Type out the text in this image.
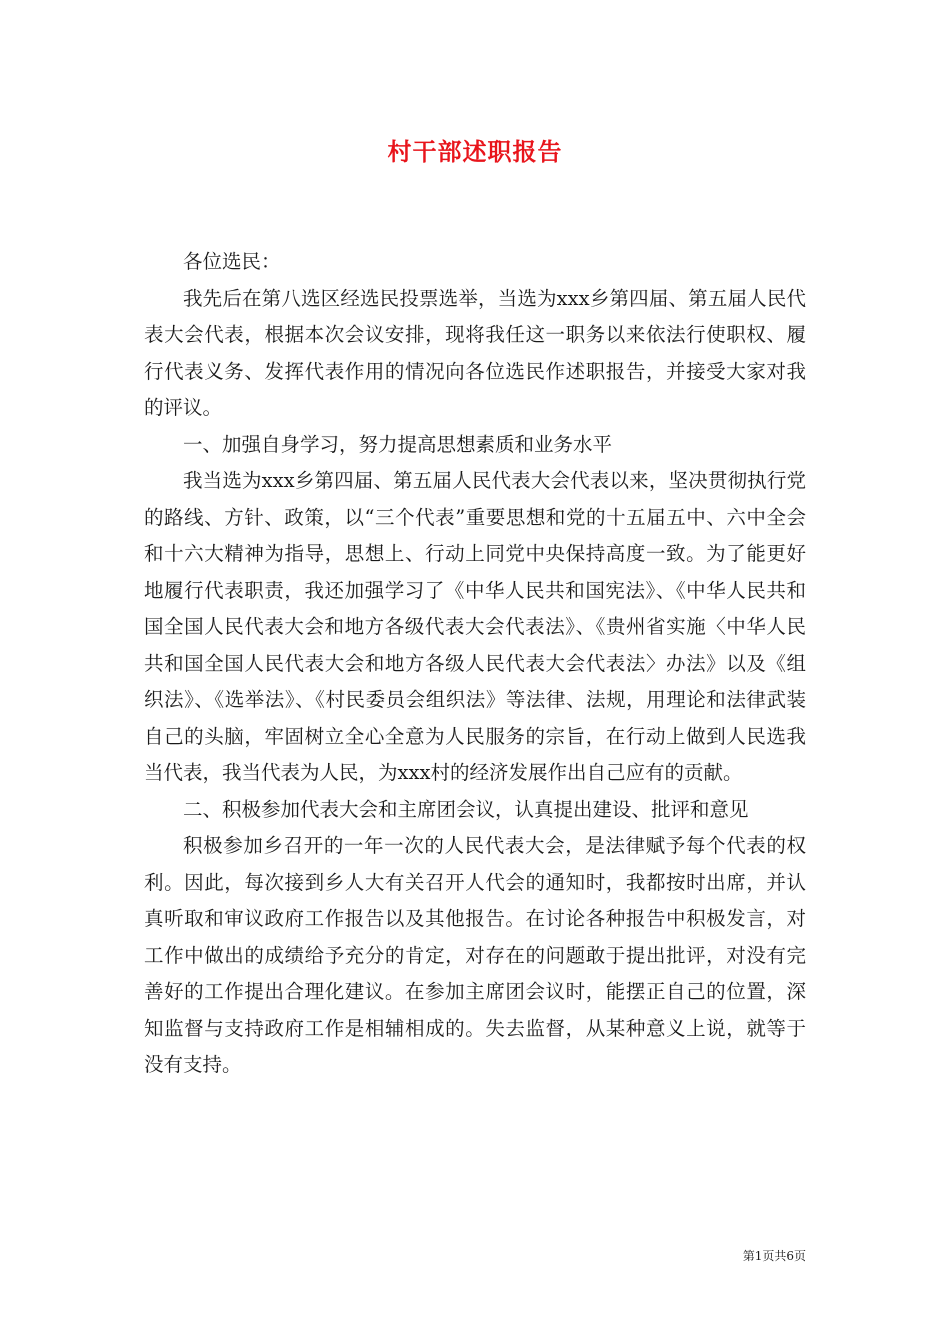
村干部述职报告

各位选民：

我先后在第八选区经选民投票选举，当选为xxx乡第四届、第五届人民代表大会代表，根据本次会议安排，现将我任这一职务以来依法行使职权、履行代表义务、发挥代表作用的情况向各位选民作述职报告，并接受大家对我的评议。

一、加强自身学习，努力提高思想素质和业务水平

我当选为xxx乡第四届、第五届人民代表大会代表以来，坚决贯彻执行党的路线、方针、政策，以“三个代表”重要思想和党的十五届五中、六中全会和十六大精神为指导，思想上、行动上同党中央保持高度一致。为了能更好地履行代表职责，我还加强学习了《中华人民共和国宪法》、《中华人民共和国全国人民代表大会和地方各级代表大会代表法》、《贵州省实施〈中华人民共和国全国人民代表大会和地方各级人民代表大会代表法〉办法》以及《组织法》、《选举法》、《村民委员会组织法》等法律、法规，用理论和法律武装自己的头脑，牢固树立全心全意为人民服务的宗旨，在行动上做到人民选我当代表，我当代表为人民，为xxx村的经济发展作出自己应有的贡献。

二、积极参加代表大会和主席团会议，认真提出建设、批评和意见

积极参加乡召开的一年一次的人民代表大会，是法律赋予每个代表的权利。因此，每次接到乡人大有关召开人代会的通知时，我都按时出席，并认真听取和审议政府工作报告以及其他报告。在讨论各种报告中积极发言，对工作中做出的成绩给予充分的肯定，对存在的问题敢于提出批评，对没有完善好的工作提出合理化建议。在参加主席团会议时，能摆正自己的位置，深知监督与支持政府工作是相辅相成的。失去监督，从某种意义上说，就等于没有支持。

第1页共6页
